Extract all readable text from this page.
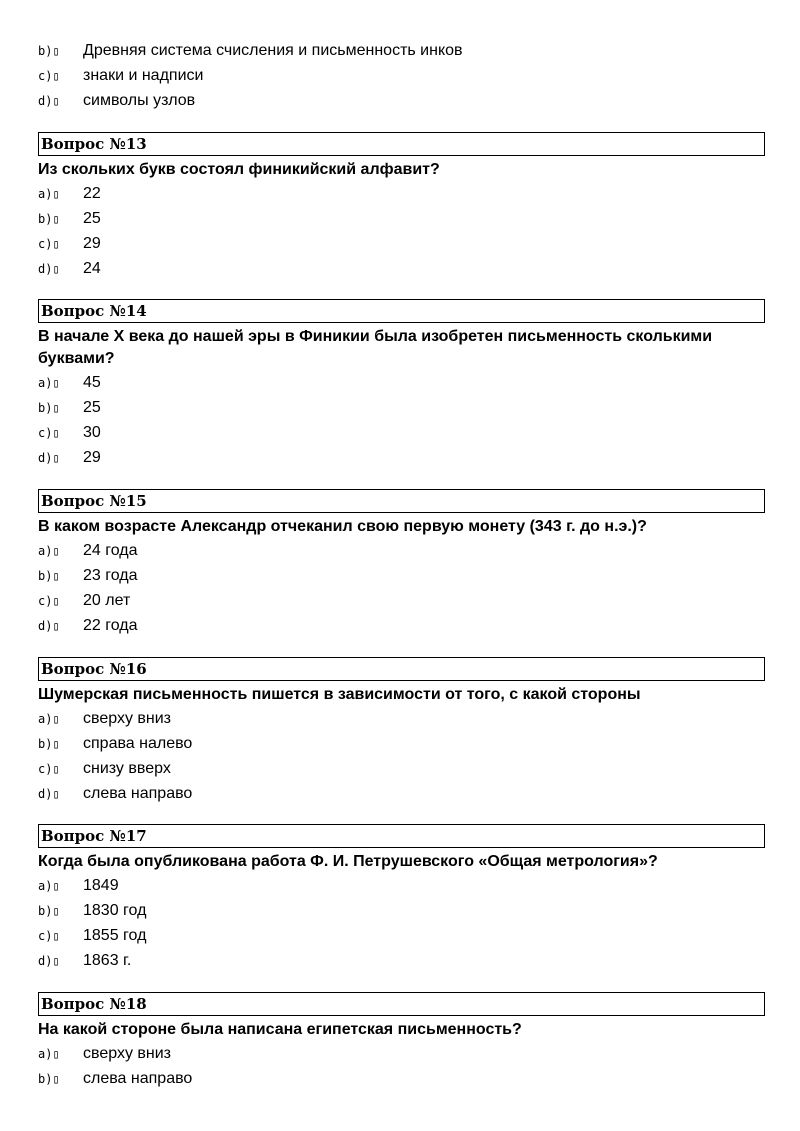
b)▯	Древняя система счисления и письменность инков
c)▯	знаки и надписи
d)▯	символы узлов
Вопрос №13
Из скольких букв состоял финикийский алфавит?
a)▯	22
b)▯	25
c)▯	29
d)▯	24
Вопрос №14
В начале X века до нашей эры в Финикии была изобретен письменность сколькими буквами?
a)▯	45
b)▯	25
c)▯	30
d)▯	29
Вопрос №15
В каком возрасте Александр отчеканил свою первую монету (343 г. до н.э.)?
a)▯	24 года
b)▯	23 года
c)▯	20 лет
d)▯	22 года
Вопрос №16
Шумерская письменность пишется в зависимости от того, с какой стороны
a)▯	сверху вниз
b)▯	справа налево
c)▯	снизу вверх
d)▯	слева направо
Вопрос №17
Когда была опубликована работа Ф. И. Петрушевского «Общая метрология»?
a)▯	1849
b)▯	1830 год
c)▯	1855 год
d)▯	1863 г.
Вопрос №18
На какой стороне была написана египетская письменность?
a)▯	сверху вниз
b)▯	слева направо
